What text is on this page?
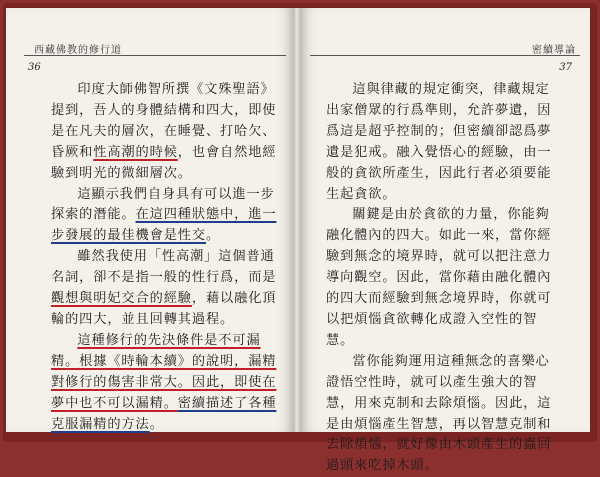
西藏佛教的修行道
36

印度大師佛智所撰《文殊聖語》提到，吾人的身體結構和四大，即使是在凡夫的層次，在睡覺、打哈欠、昏厥和性高潮的時候，也會自然地經驗到明光的微細層次。

這顯示我們自身具有可以進一步探索的潛能。在這四種狀態中，進一步發展的最佳機會是性交。

雖然我使用「性高潮」這個普通名詞，卻不是指一般的性行爲，而是觀想與明妃交合的經驗，藉以融化頂輪的四大，並且回轉其過程。

這種修行的先決條件是不可漏精。根據《時輪本續》的說明，漏精對修行的傷害非常大。因此，即使在夢中也不可以漏精。密續描述了各種克服漏精的方法。

密續導論
37

這與律藏的規定衝突，律藏規定出家僧眾的行爲準則，允許夢遺，因爲這是超乎控制的；但密續卻認爲夢遺是犯戒。融入覺悟心的經驗，由一般的貪欲所產生，因此行者必須要能生起貪欲。

關鍵是由於貪欲的力量，你能夠融化體內的四大。如此一來，當你經驗到無念的境界時，就可以把注意力導向觀空。因此，當你藉由融化體內的四大而經驗到無念境界時，你就可以把煩惱貪欲轉化成證入空性的智慧。

當你能夠運用這種無念的喜樂心證悟空性時，就可以產生強大的智慧，用來克制和去除煩惱。因此，這是由煩惱產生智慧，再以智慧克制和去除煩惱，就好像由木頭產生的蟲回過頭來吃掉木頭。
